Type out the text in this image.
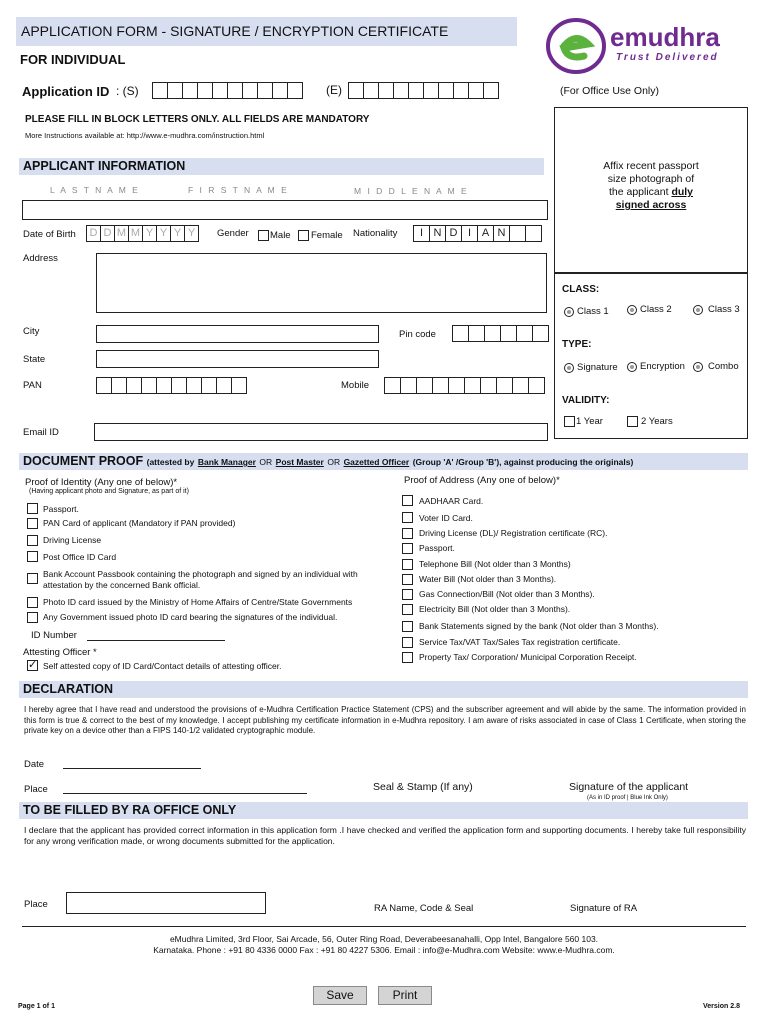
APPLICATION FORM - SIGNATURE / ENCRYPTION CERTIFICATE
FOR INDIVIDUAL
emudhra
Trust Delivered
Application ID : (S)	(E)	(For Office Use Only)
PLEASE FILL IN BLOCK LETTERS ONLY. ALL FIELDS ARE MANDATORY
More Instructions available at: http://www.e-mudhra.com/instruction.html
Affix recent passport
size photograph of
the applicant duly
signed across
CLASS:
Class 1	Class 2	Class 3
TYPE:
Signature Encryption Combo
VALIDITY:
1 Year	2 Years
APPLICANT INFORMATION
L A S T N A M E	F I R S T N A M E	M I D D L E N A M E
Date of Birth	D D M M Y Y Y Y	Gender Male Female Nationality	I N D I A N
Address
City	Pin code
State
PAN	Mobile
Email ID
DOCUMENT PROOF (attested by Bank Manager OR Post Master OR Gazetted Officer (Group 'A' /Group 'B'), against producing the originals)
Proof of Identity (Any one of below)*
(Having applicant photo and Signature, as part of it)
Passport.
PAN Card of applicant (Mandatory if PAN provided)
Driving License
Post Office ID Card
Bank Account Passbook containing the photograph and signed by an individual with
attestation by the concerned Bank official.
Photo ID card issued by the Ministry of Home Affairs of Centre/State Governments
Any Government issued photo ID card bearing the signatures of the individual.
ID Number
Attesting Officer *
✓
Self attested copy of ID Card/Contact details of attesting officer.
Proof of Address (Any one of below)*
AADHAAR Card.
Voter ID Card.
Driving License (DL)/ Registration certificate (RC).
Passport.
Telephone Bill (Not older than 3 Months)
Water Bill (Not older than 3 Months).
Gas Connection/Bill (Not older than 3 Months).
Electricity Bill (Not older than 3 Months).
Bank Statements signed by the bank (Not older than 3 Months).
Service Tax/VAT Tax/Sales Tax registration certificate.
Property Tax/ Corporation/ Municipal Corporation Receipt.
DECLARATION
I hereby agree that I have read and understood the provisions of e-Mudhra Certification Practice Statement (CPS) and the subscriber agreement and will abide by the same. The information provided in this form is true & correct to the best of my knowledge. I accept publishing my certificate information in e-Mudhra repository. I am aware of risks associated in case of Class 1 Certificate, when storing the private key on a device other than a FIPS 140-1/2 validated cryptographic module.
Date
Place	Seal & Stamp (If any)	Signature of the applicant
(As in ID proof | Blue Ink Only)
TO BE FILLED BY RA OFFICE ONLY
I declare that the applicant has provided correct information in this application form .I have checked and verified the application form and supporting documents. I hereby take full responsibility for any wrong verification made, or wrong documents submitted for the application.
Place	RA Name, Code & Seal	Signature of RA
eMudhra Limited, 3rd Floor, Sai Arcade, 56, Outer Ring Road, Deverabeesanahalli, Opp Intel, Bangalore 560 103.
Karnataka. Phone : +91 80 4336 0000 Fax : +91 80 4227 5306. Email : info@e-Mudhra.com Website: www.e-Mudhra.com.
Page 1 of 1
Save	Print
Version 2.8
